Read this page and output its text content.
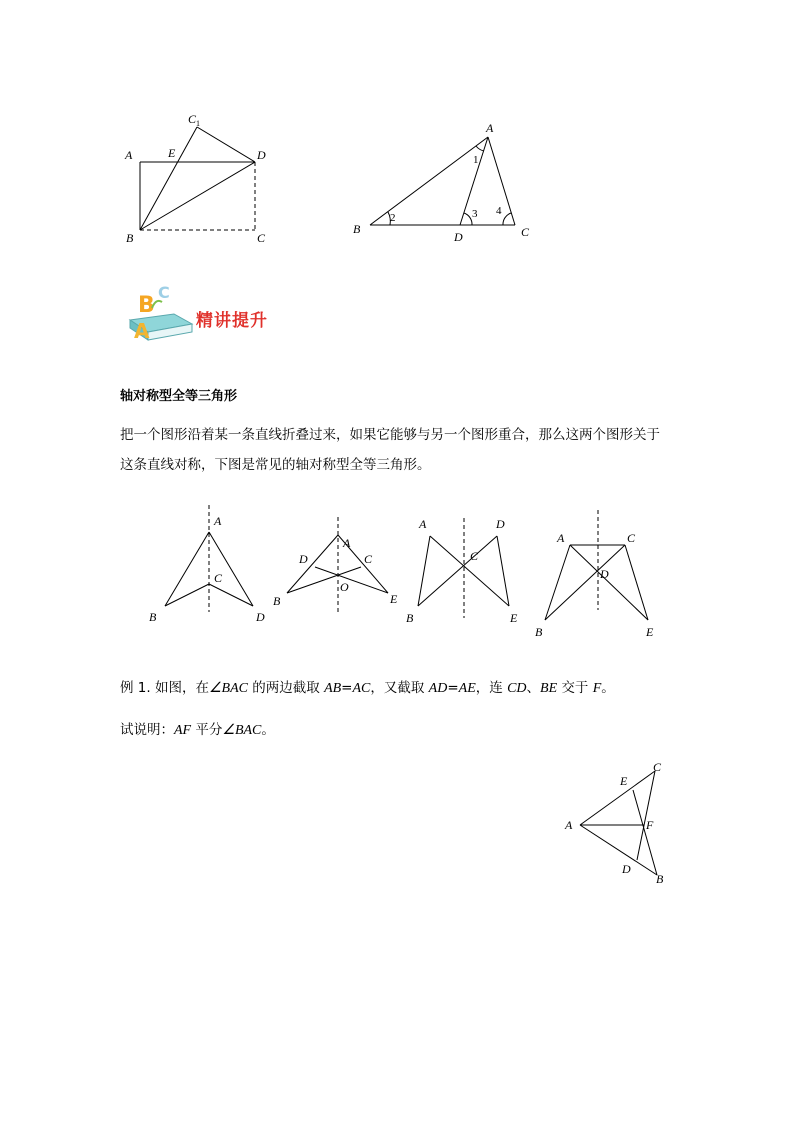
A	E
C 1
D
B	C
A
B
D	C
1
2	3 4
A
B
C
精讲提升
轴对称型全等三角形
把一个图形沿着某一条直线折叠过来，如果它能够与另一个图形重合，那么这两个图形关于
这条直线对称，下图是常见的轴对称型全等三角形。
A
C
B	D
A
D	C
O
B	E
A	D
C
B	E
A	C
D
B	E
例 1. 如图，在∠BAC 的两边截取 AB=AC，又截取 AD=AE，连 CD、BE 交于 F。
试说明：AF 平分∠BAC。
A
E
C
F
D
B
